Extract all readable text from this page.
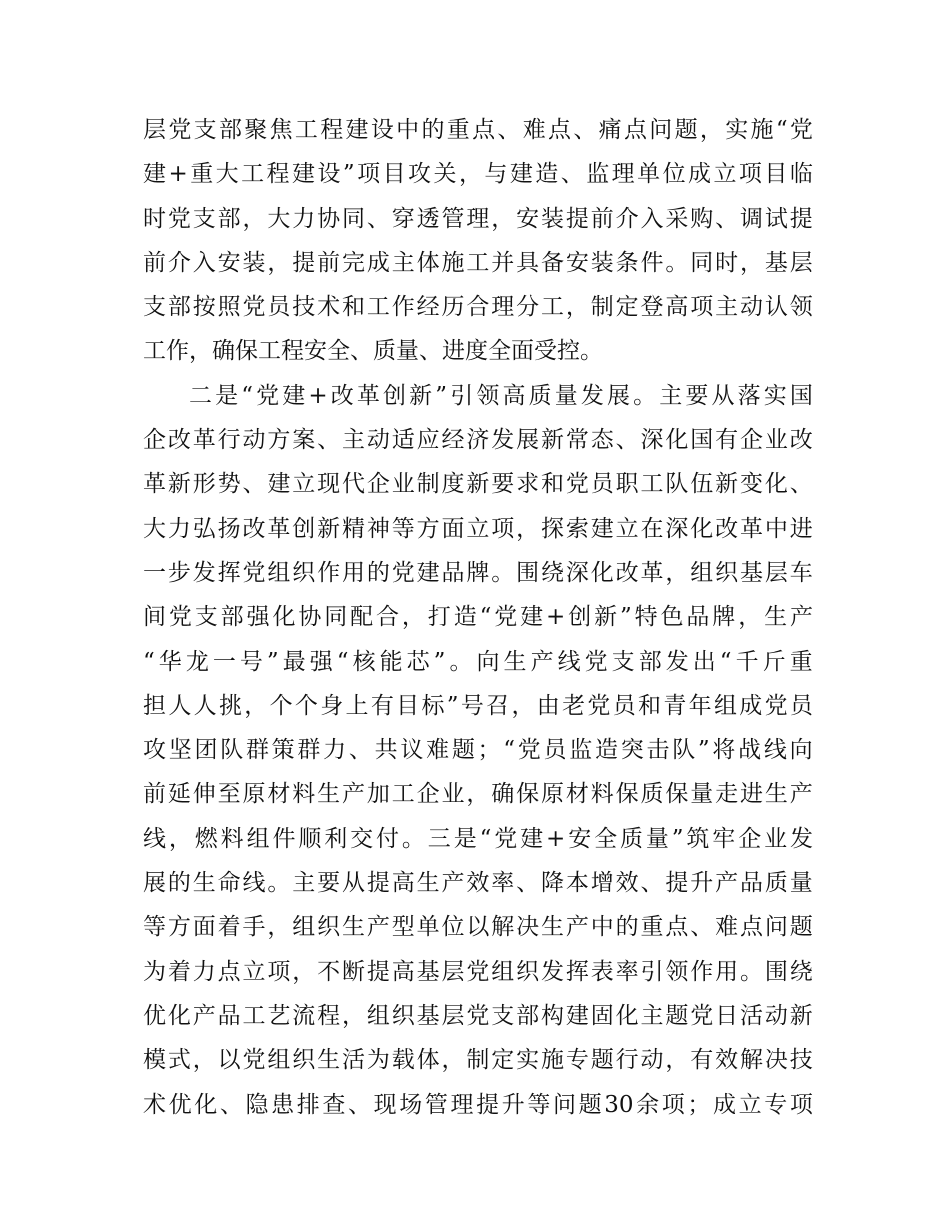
层 党 支 部 聚 焦 工 程 建 设 中 的 重 点 、 难 点 、 痛 点 问 题 ， 实 施 “ 党
建 + 重 大 工 程 建 设 ” 项 目 攻 关 ， 与 建 造 、 监 理 单 位 成 立 项 目 临
时 党 支 部 ， 大 力 协 同 、 穿 透 管 理 ， 安 装 提 前 介 入 采 购 、 调 试 提
前 介 入 安 装 ， 提 前 完 成 主 体 施 工 并 具 备 安 装 条 件 。 同 时 ， 基 层
支 部 按 照 党 员 技 术 和 工 作 经 历 合 理 分 工 ， 制 定 登 高 项 主 动 认 领
工作，确保工程安全、质量、进度全面受控。
二 是 “ 党 建 + 改 革 创 新 ” 引 领 高 质 量 发 展 。 主 要 从 落 实 国
企 改 革 行 动 方 案 、 主 动 适 应 经 济 发 展 新 常 态 、 深 化 国 有 企 业 改
革 新 形 势 、 建 立 现 代 企 业 制 度 新 要 求 和 党 员 职 工 队 伍 新 变 化 、
大 力 弘 扬 改 革 创 新 精 神 等 方 面 立 项 ， 探 索 建 立 在 深 化 改 革 中 进
一 步 发 挥 党 组 织 作 用 的 党 建 品 牌 。 围 绕 深 化 改 革 ， 组 织 基 层 车
间 党 支 部 强 化 协 同 配 合 ， 打 造 “ 党 建 + 创 新 ” 特 色 品 牌 ， 生 产
“ 华 龙 一 号 ” 最 强 “ 核 能 芯 ” 。 向 生 产 线 党 支 部 发 出 “ 千 斤 重
担 人 人 挑 ， 个 个 身 上 有 目 标 ” 号 召 ， 由 老 党 员 和 青 年 组 成 党 员
攻 坚 团 队 群 策 群 力 、 共 议 难 题 ； “ 党 员 监 造 突 击 队 ” 将 战 线 向
前 延 伸 至 原 材 料 生 产 加 工 企 业 ， 确 保 原 材 料 保 质 保 量 走 进 生 产
线 ， 燃 料 组 件 顺 利 交 付 。 三 是 “ 党 建 + 安 全 质 量 ” 筑 牢 企 业 发
展 的 生 命 线 。 主 要 从 提 高 生 产 效 率 、 降 本 增 效 、 提 升 产 品 质 量
等 方 面 着 手 ， 组 织 生 产 型 单 位 以 解 决 生 产 中 的 重 点 、 难 点 问 题
为 着 力 点 立 项 ， 不 断 提 高 基 层 党 组 织 发 挥 表 率 引 领 作 用 。 围 绕
优 化 产 品 工 艺 流 程 ， 组 织 基 层 党 支 部 构 建 固 化 主 题 党 日 活 动 新
模 式 ， 以 党 组 织 生 活 为 载 体 ， 制 定 实 施 专 题 行 动 ， 有 效 解 决 技
术 优 化 、 隐 患 排 查 、 现 场 管 理 提 升 等 问 题 30 余 项 ； 成 立 专 项
